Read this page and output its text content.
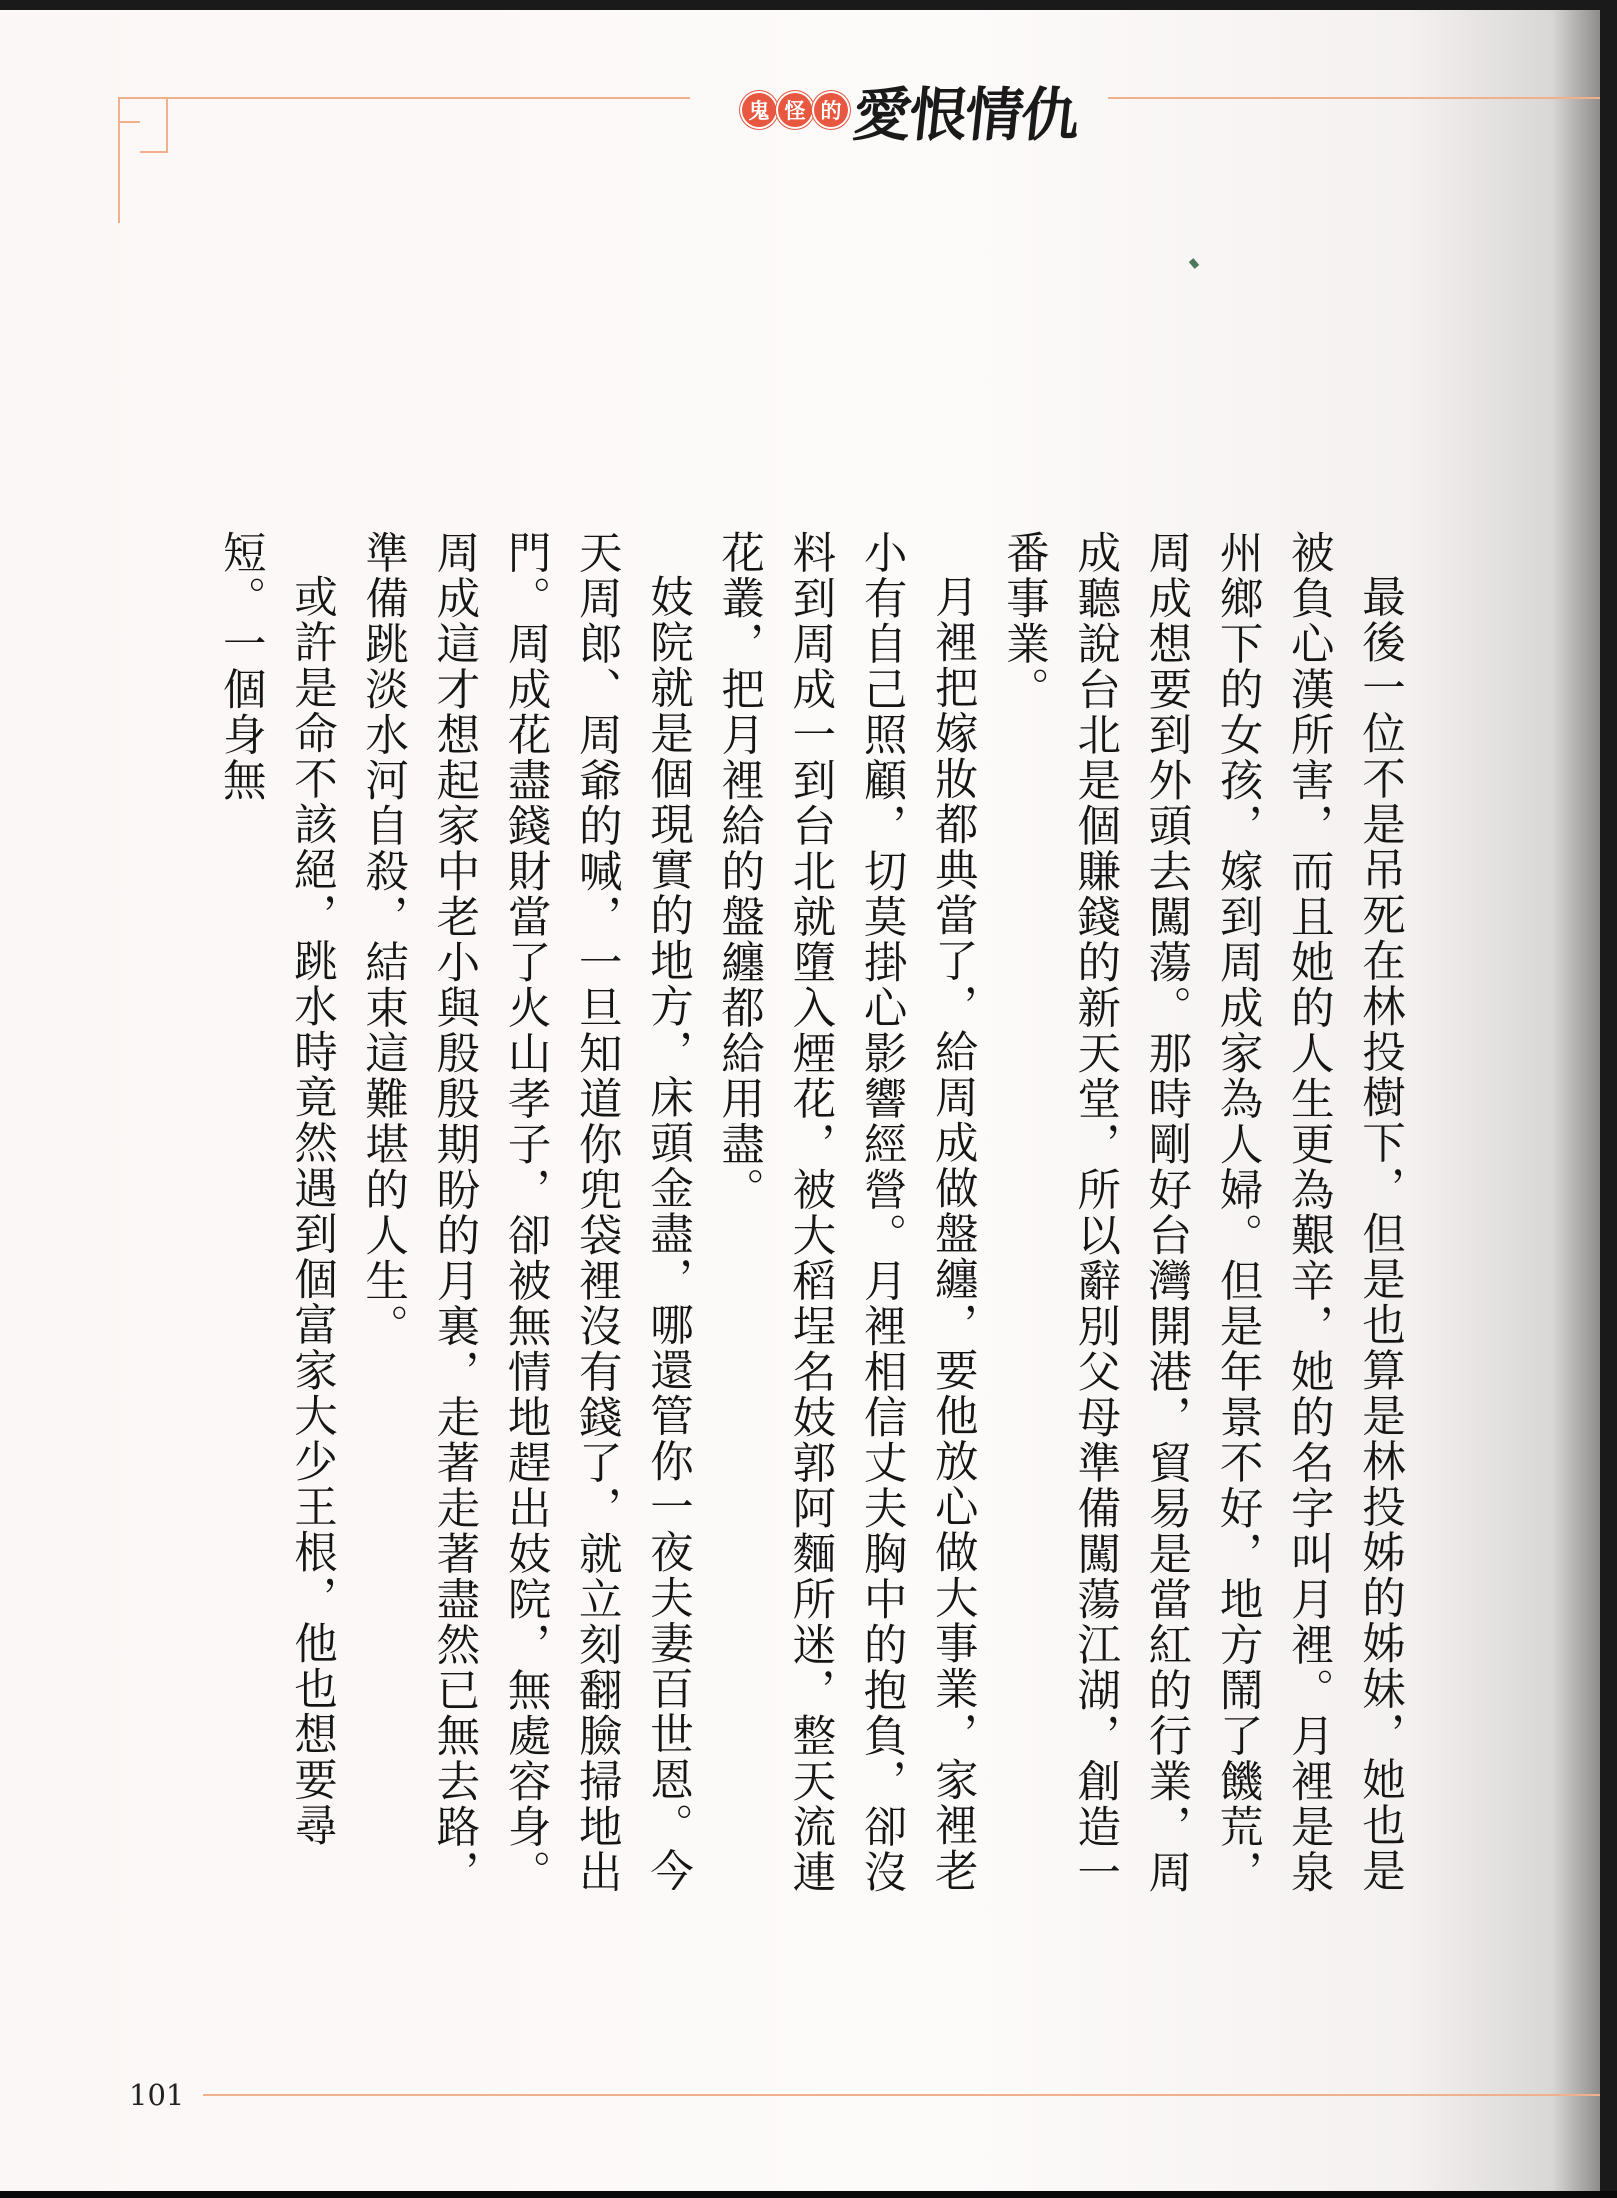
鬼 怪 的 愛恨情仇

最後一位不是吊死在林投樹下，但是也算是林投姊的姊妹，她也是被負心漢所害，而且她的人生更為艱辛，她的名字叫月裡。月裡是泉州鄉下的女孩，嫁到周成家為人婦。但是年景不好，地方鬧了饑荒，周成想要到外頭去闖蕩。那時剛好台灣開港，貿易是當紅的行業，周成聽說台北是個賺錢的新天堂，所以辭別父母準備闖蕩江湖，創造一番事業。

月裡把嫁妝都典當了，給周成做盤纏，要他放心做大事業，家裡老小有自己照顧，切莫掛心影響經營。月裡相信丈夫胸中的抱負，卻沒料到周成一到台北就墮入煙花，被大稻埕名妓郭阿麵所迷，整天流連花叢，把月裡給的盤纏都給用盡。

妓院就是個現實的地方，床頭金盡，哪還管你一夜夫妻百世恩。今天周郎、周爺的喊，一旦知道你兜袋裡沒有錢了，就立刻翻臉掃地出門。周成花盡錢財當了火山孝子，卻被無情地趕出妓院，無處容身。周成這才想起家中老小與殷殷期盼的月裏，走著走著盡然已無去路，準備跳淡水河自殺，結束這難堪的人生。

或許是命不該絕，跳水時竟然遇到個富家大少王根，他也想要尋短。一個身無

101
